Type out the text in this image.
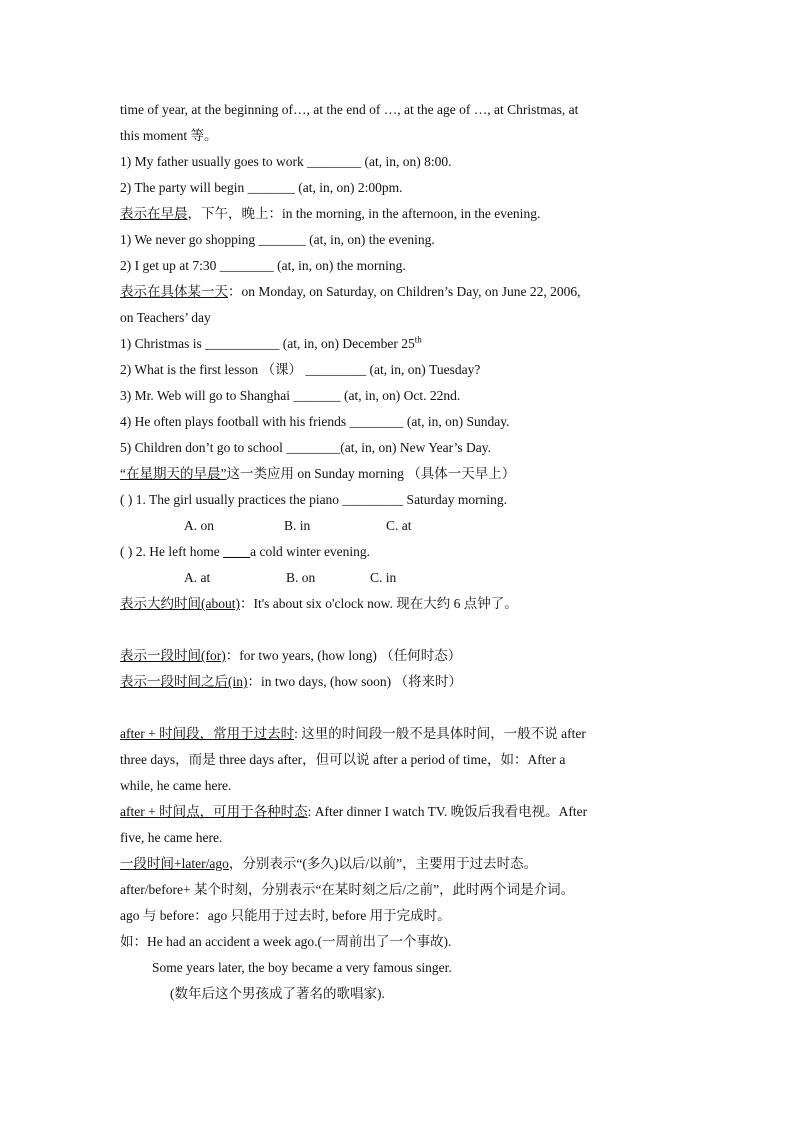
time of year, at the beginning of…, at the end of …, at the age of …, at Christmas, at
this moment 等。
1) My father usually goes to work ________ (at, in, on) 8:00.
2) The party will begin _______ (at, in, on) 2:00pm.
表示在早晨，下午，晚上：in the morning, in the afternoon, in the evening.
1) We never go shopping _______ (at, in, on) the evening.
2) I get up at 7:30 ________ (at, in, on) the morning.
表示在具体某一天：on Monday, on Saturday, on Children’s Day, on June 22, 2006,
on Teachers’ day
1) Christmas is ___________ (at, in, on) December 25th
2) What is the first lesson （课） _________ (at, in, on) Tuesday?
3) Mr. Web will go to Shanghai _______ (at, in, on) Oct. 22nd.
4) He often plays football with his friends ________ (at, in, on) Sunday.
5) Children don’t go to school ________(at, in, on) New Year’s Day.
“在星期天的早晨”这一类应用 on Sunday morning （具体一天早上）
( ) 1. The girl usually practices the piano _________ Saturday morning.
A. on	B. in	C. at
( ) 2. He left home ____a cold winter evening.
A. at	B. on	C. in
表示大约时间(about)：It's about six o'clock now. 现在大约 6 点钟了。
表示一段时间(for)：for two years, (how long) （任何时态）
表示一段时间之后(in)：in two days, (how soon) （将来时）
after + 时间段，常用于过去时: 这里的时间段一般不是具体时间，一般不说 after
three days，而是 three days after，但可以说 after a period of time，如：After a
while, he came here.
after + 时间点，可用于各种时态: After dinner I watch TV. 晚饭后我看电视。After
five, he came here.
一段时间+later/ago，分别表示“(多久)以后/以前”，主要用于过去时态。
after/before+ 某个时刻，分别表示“在某时刻之后/之前”，此时两个词是介词。
ago 与 before：ago 只能用于过去时, before 用于完成时。
如：He had an accident a week ago.(一周前出了一个事故).
Some years later, the boy became a very famous singer.
(数年后这个男孩成了著名的歌唱家).
